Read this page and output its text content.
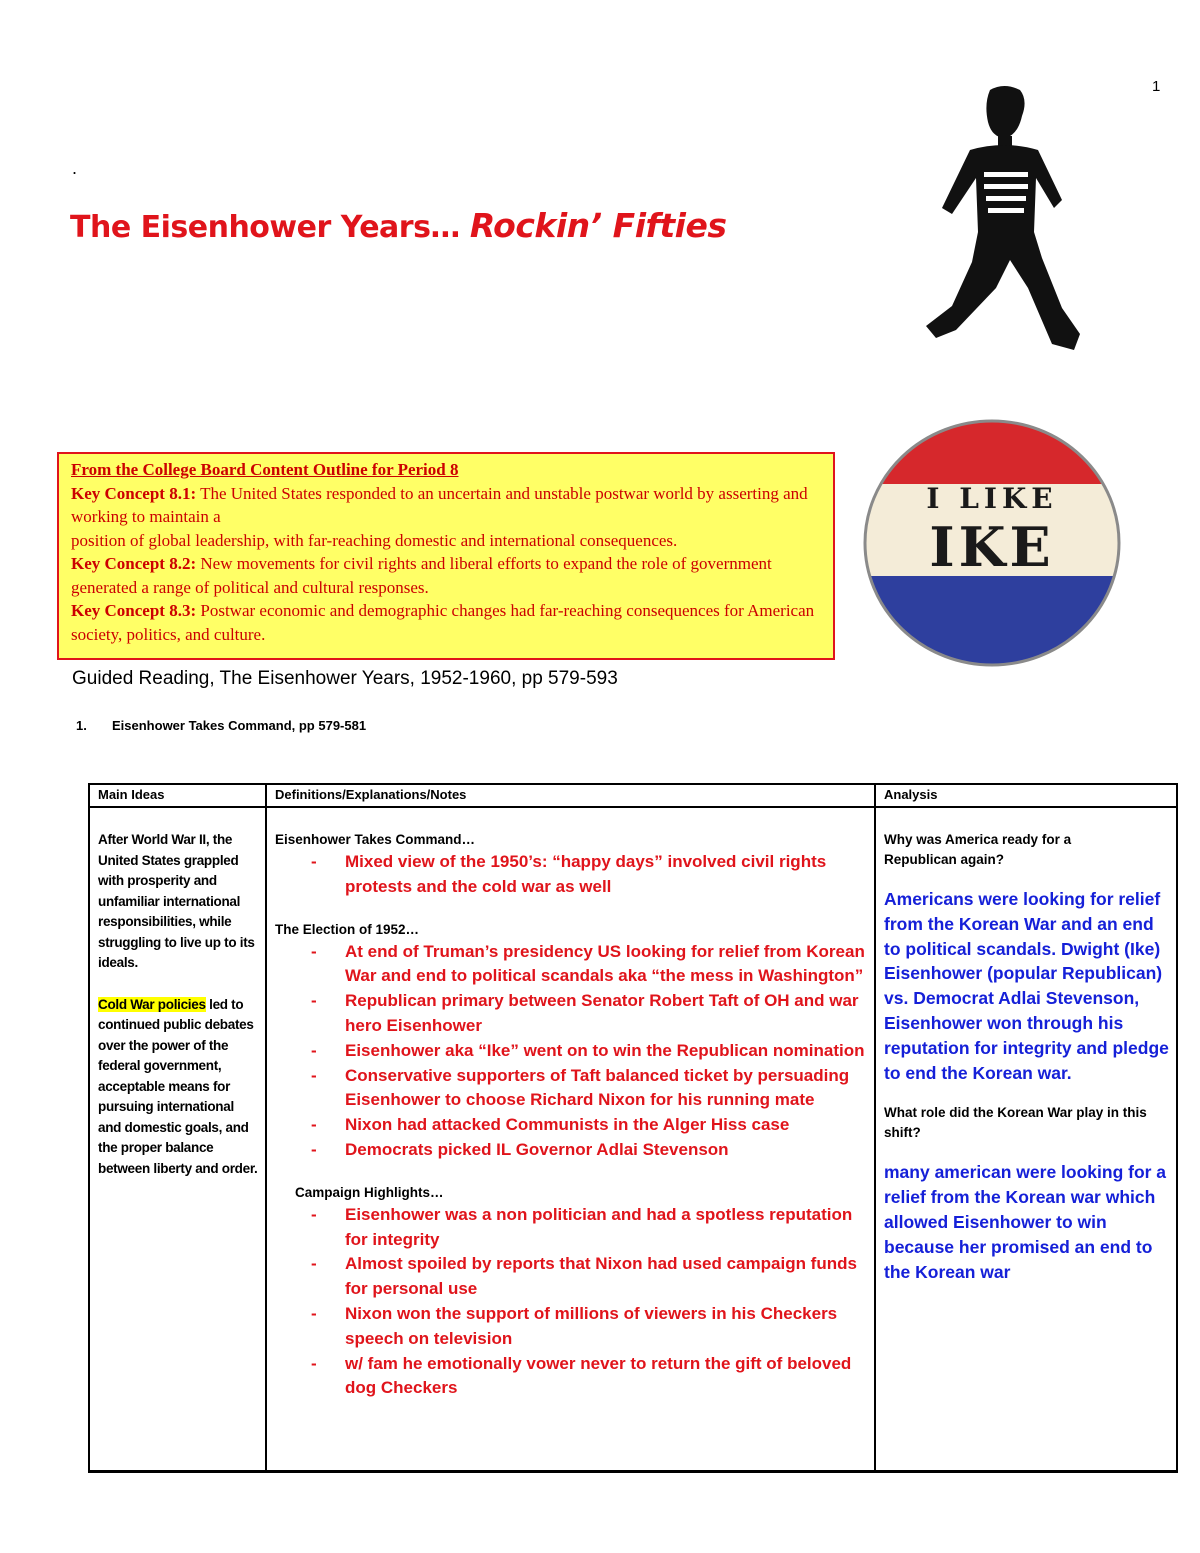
1
.
The Eisenhower Years… Rockin’ Fifties
I LIKE
IKE
From the College Board Content Outline for Period 8
Key Concept 8.1: The United States responded to an uncertain and unstable postwar world by asserting and working to maintain a
position of global leadership, with far-reaching domestic and international consequences.
Key Concept 8.2: New movements for civil rights and liberal efforts to expand the role of government generated a range of political and cultural responses.
Key Concept 8.3: Postwar economic and demographic changes had far-reaching consequences for American society, politics, and culture.
Guided Reading, The Eisenhower Years, 1952-1960, pp 579-593
1. Eisenhower Takes Command, pp 579-581
Main Ideas
After World War II, the United States grappled with prosperity and unfamiliar international responsibilities, while struggling to live up to its ideals.
Cold War policies led to continued public debates over the power of the federal government, acceptable means for pursuing international and domestic goals, and the proper balance between liberty and order.
Definitions/Explanations/Notes
Eisenhower Takes Command…
- Mixed view of the 1950’s: “happy days” involved civil rights protests and the cold war as well
The Election of 1952…
- At end of Truman’s presidency US looking for relief from Korean War and end to political scandals aka “the mess in Washington”
- Republican primary between Senator Robert Taft of OH and war hero Eisenhower
- Eisenhower aka “Ike” went on to win the Republican nomination
- Conservative supporters of Taft balanced ticket by persuading Eisenhower to choose Richard Nixon for his running mate
- Nixon had attacked Communists in the Alger Hiss case
- Democrats picked IL Governor Adlai Stevenson
Campaign Highlights…
- Eisenhower was a non politician and had a spotless reputation for integrity
- Almost spoiled by reports that Nixon had used campaign funds for personal use
- Nixon won the support of millions of viewers in his Checkers speech on television
- w/ fam he emotionally vower never to return the gift of beloved dog Checkers
Analysis
Why was America ready for a Republican again?
Americans were looking for relief from the Korean War and an end to political scandals. Dwight (Ike) Eisenhower (popular Republican) vs. Democrat Adlai Stevenson, Eisenhower won through his reputation for integrity and pledge to end the Korean war.
What role did the Korean War play in this shift?
many american were looking for a relief from the Korean war which allowed Eisenhower to win because her promised an end to the Korean war
